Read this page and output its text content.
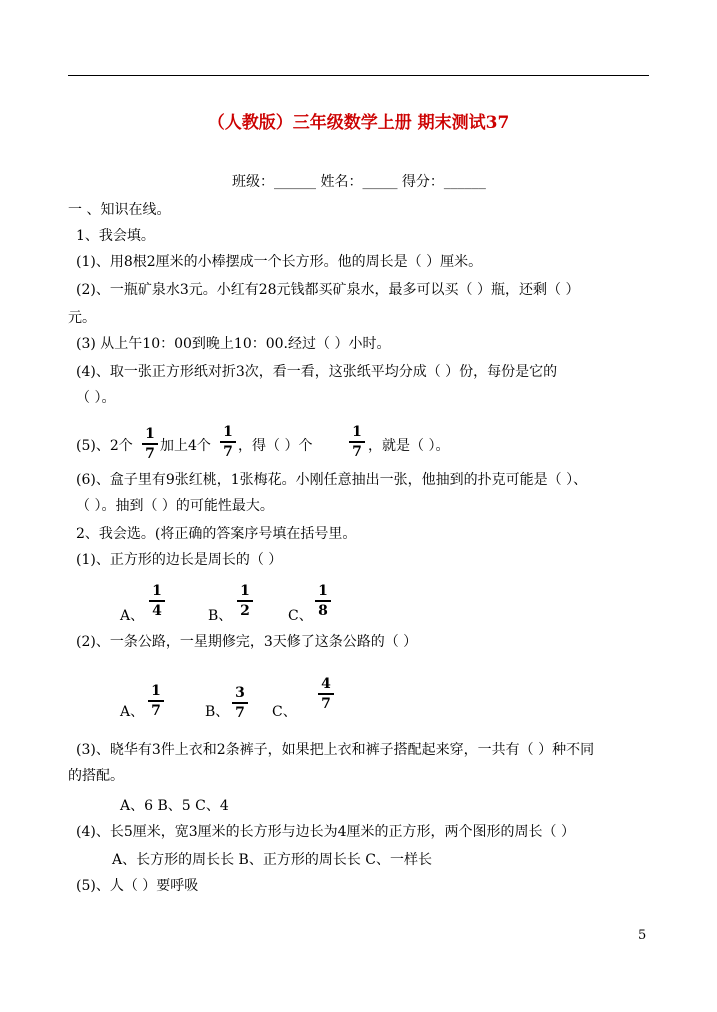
（人教版）三年级数学上册 期末测试37
班级：______ 姓名：_____ 得分：______
一 、知识在线。
1、我会填。
(1)、用8根2厘米的小棒摆成一个长方形。他的周长是（ ）厘米。
(2)、一瓶矿泉水3元。小红有28元钱都买矿泉水，最多可以买（ ）瓶，还剩（ ）
元。
(3) 从上午10：00到晚上10：00.经过（ ）小时。
(4)、取一张正方形纸对折3次，看一看，这张纸平均分成（ ）份，每份是它的
（ ）。
(5)、2个
1
7 加上4个
1
7 ，得（ ）个
1
7 ，就是（ ）。
(6)、盒子里有9张红桃，1张梅花。小刚任意抽出一张，他抽到的扑克可能是（ ）、
（ ）。抽到（ ）的可能性最大。
2、我会选。(将正确的答案序号填在括号里。
(1)、正方形的边长是周长的（ ）
A、
1
4	B、
1
2	C、
1
8
(2)、一条公路，一星期修完，3天修了这条公路的（ ）
A、
1
7	B、
3
7 C、
4
7
(3)、晓华有3件上衣和2条裤子，如果把上衣和裤子搭配起来穿，一共有（ ）种不同
的搭配。
A、6 B、5 C、4
(4)、长5厘米，宽3厘米的长方形与边长为4厘米的正方形，两个图形的周长（ ）
A、长方形的周长长 B、正方形的周长长 C、一样长
(5)、人（ ）要呼吸
5
